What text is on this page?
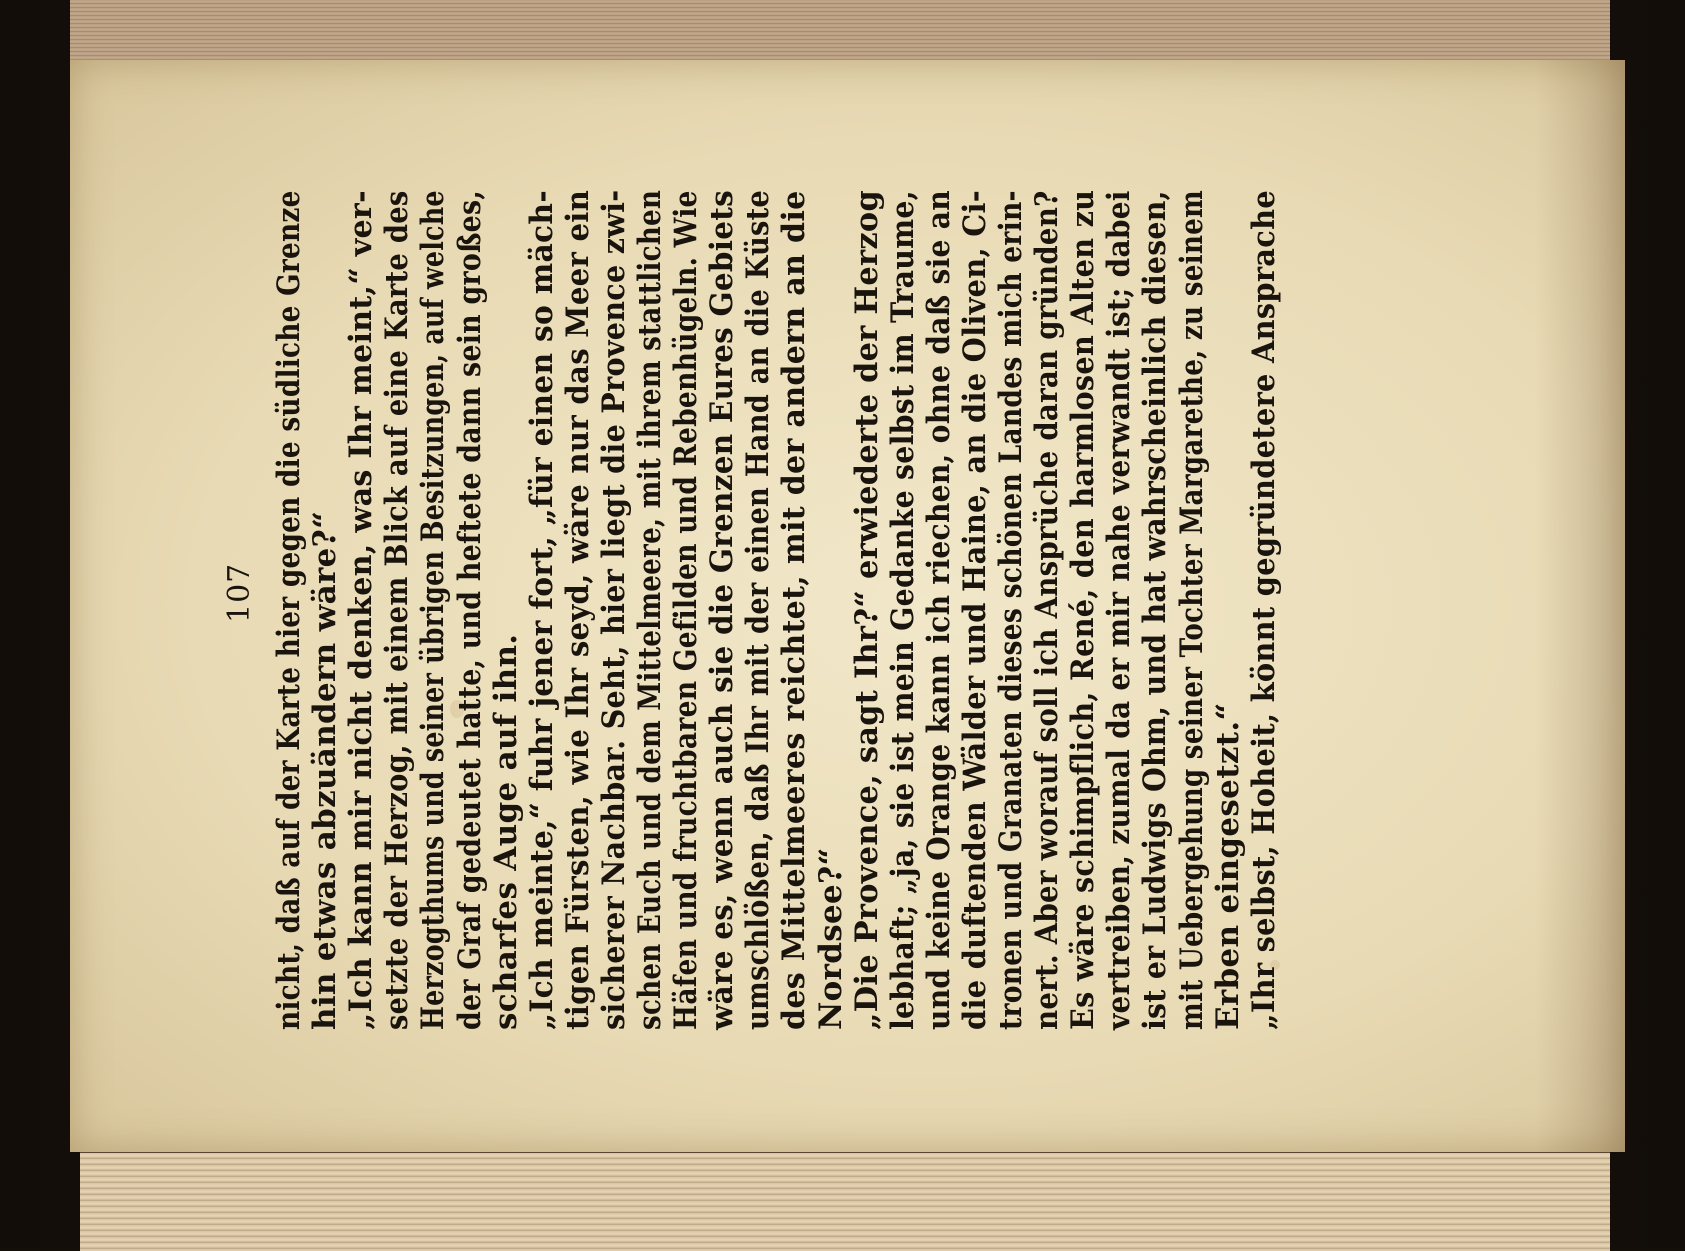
107 nicht, daß auf der Karte hier gegen die südliche Grenze hin etwas abzuändern wäre?“ „Ich kann mir nicht denken, was Ihr meint,“ ver- setzte der Herzog, mit einem Blick auf eine Karte des Herzogthums und seiner übrigen Besitzungen, auf welche der Graf gedeutet hatte, und heftete dann sein großes, scharfes Auge auf ihn. „Ich meinte,“ fuhr jener fort, „für einen so mäch- tigen Fürsten, wie Ihr seyd, wäre nur das Meer ein sicherer Nachbar. Seht, hier liegt die Provence zwi- schen Euch und dem Mittelmeere, mit ihrem stattlichen Häfen und fruchtbaren Gefilden und Rebenhügeln. Wie wäre es, wenn auch sie die Grenzen Eures Gebiets umschlößen, daß Ihr mit der einen Hand an die Küste des Mittelmeeres reichtet, mit der andern an die Nordsee?“ „Die Provence, sagt Ihr?“ erwiederte der Herzog lebhaft; „ja, sie ist mein Gedanke selbst im Traume, und keine Orange kann ich riechen, ohne daß sie an die duftenden Wälder und Haine, an die Oliven, Ci- tronen und Granaten dieses schönen Landes mich erin- nert. Aber worauf soll ich Ansprüche daran gründen? Es wäre schimpflich, René, den harmlosen Alten zu vertreiben, zumal da er mir nahe verwandt ist; dabei ist er Ludwigs Ohm, und hat wahrscheinlich diesen, mit Uebergehung seiner Tochter Margarethe, zu seinem Erben eingesetzt.“ „Ihr selbst, Hoheit, könnt gegründetere Ansprache
